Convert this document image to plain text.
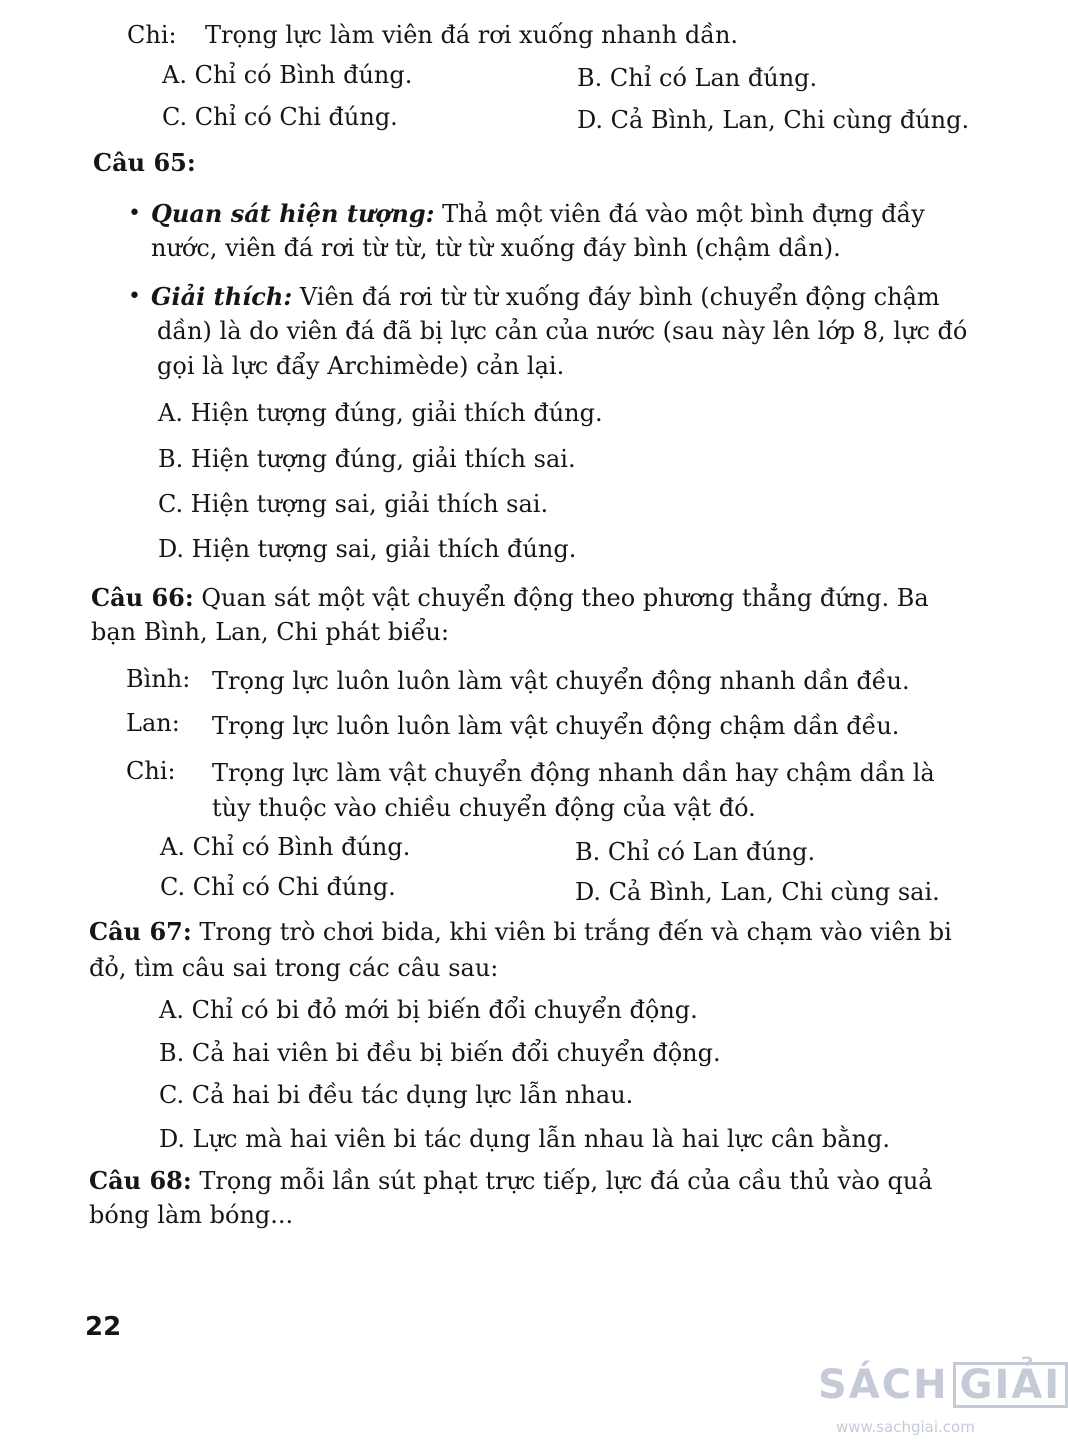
Chi: Trọng lực làm viên đá rơi xuống nhanh dần.
A. Chỉ có Bình đúng.	B. Chỉ có Lan đúng.
C. Chỉ có Chi đúng.	D. Cả Bình, Lan, Chi cùng đúng.
Câu 65:
• Quan sát hiện tượng: Thả một viên đá vào một bình đựng đầy
nước, viên đá rơi từ từ, từ từ xuống đáy bình (chậm dần).
• Giải thích: Viên đá rơi từ từ xuống đáy bình (chuyển động chậm
dần) là do viên đá đã bị lực cản của nước (sau này lên lớp 8, lực đó
gọi là lực đẩy Archimède) cản lại.
A. Hiện tượng đúng, giải thích đúng.
B. Hiện tượng đúng, giải thích sai.
C. Hiện tượng sai, giải thích sai.
D. Hiện tượng sai, giải thích đúng.
Câu 66: Quan sát một vật chuyển động theo phương thẳng đứng. Ba
bạn Bình, Lan, Chi phát biểu:
Bình: Trọng lực luôn luôn làm vật chuyển động nhanh dần đều.
Lan: Trọng lực luôn luôn làm vật chuyển động chậm dần đều.
Chi: Trọng lực làm vật chuyển động nhanh dần hay chậm dần là
tùy thuộc vào chiều chuyển động của vật đó.
A. Chỉ có Bình đúng.	B. Chỉ có Lan đúng.
C. Chỉ có Chi đúng.	D. Cả Bình, Lan, Chi cùng sai.
Câu 67: Trong trò chơi bida, khi viên bi trắng đến và chạm vào viên bi
đỏ, tìm câu sai trong các câu sau:
A. Chỉ có bi đỏ mới bị biến đổi chuyển động.
B. Cả hai viên bi đều bị biến đổi chuyển động.
C. Cả hai bi đều tác dụng lực lẫn nhau.
D. Lực mà hai viên bi tác dụng lẫn nhau là hai lực cân bằng.
Câu 68: Trọng mỗi lần sút phạt trực tiếp, lực đá của cầu thủ vào quả
bóng làm bóng...
22
SÁCH GIẢI
www.sachgiai.com
